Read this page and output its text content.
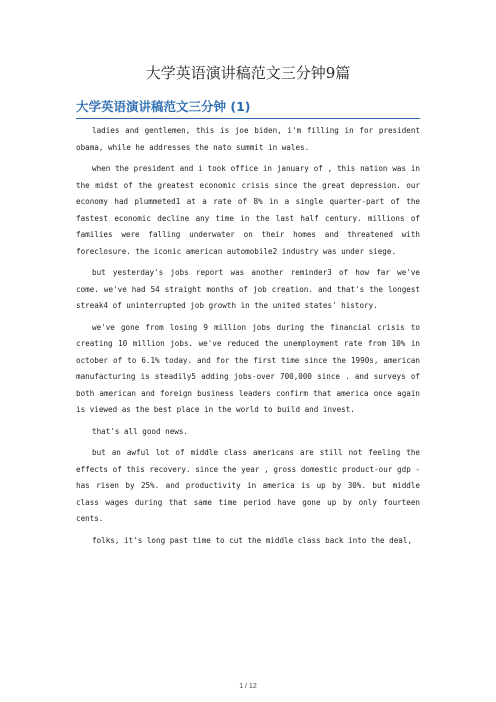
大学英语演讲稿范文三分钟9篇
大学英语演讲稿范文三分钟 (1)

ladies and gentlemen, this is joe biden, i'm filling in for president obama, while he addresses the nato summit in wales.

when the president and i took office in january of , this nation was in the midst of the greatest economic crisis since the great depression. our economy had plummeted1 at a rate of 8% in a single quarter-part of the fastest economic decline any time in the last half century. millions of families were falling underwater on their homes and threatened with foreclosure. the iconic american automobile2 industry was under siege.

but yesterday's jobs report was another reminder3 of how far we've come. we've had 54 straight months of job creation. and that's the longest streak4 of uninterrupted job growth in the united states' history.

we've gone from losing 9 million jobs during the financial crisis to creating 10 million jobs. we've reduced the unemployment rate from 10% in october of to 6.1% today. and for the first time since the 1990s, american manufacturing is steadily5 adding jobs-over 700,000 since . and surveys of both american and foreign business leaders confirm that america once again is viewed as the best place in the world to build and invest.

that's all good news.

but an awful lot of middle class americans are still not feeling the effects of this recovery. since the year , gross domestic product-our gdp - has risen by 25%. and productivity in america is up by 30%. but middle class wages during that same time period have gone up by only fourteen cents.

folks, it's long past time to cut the middle class back into the deal,

1 / 12
